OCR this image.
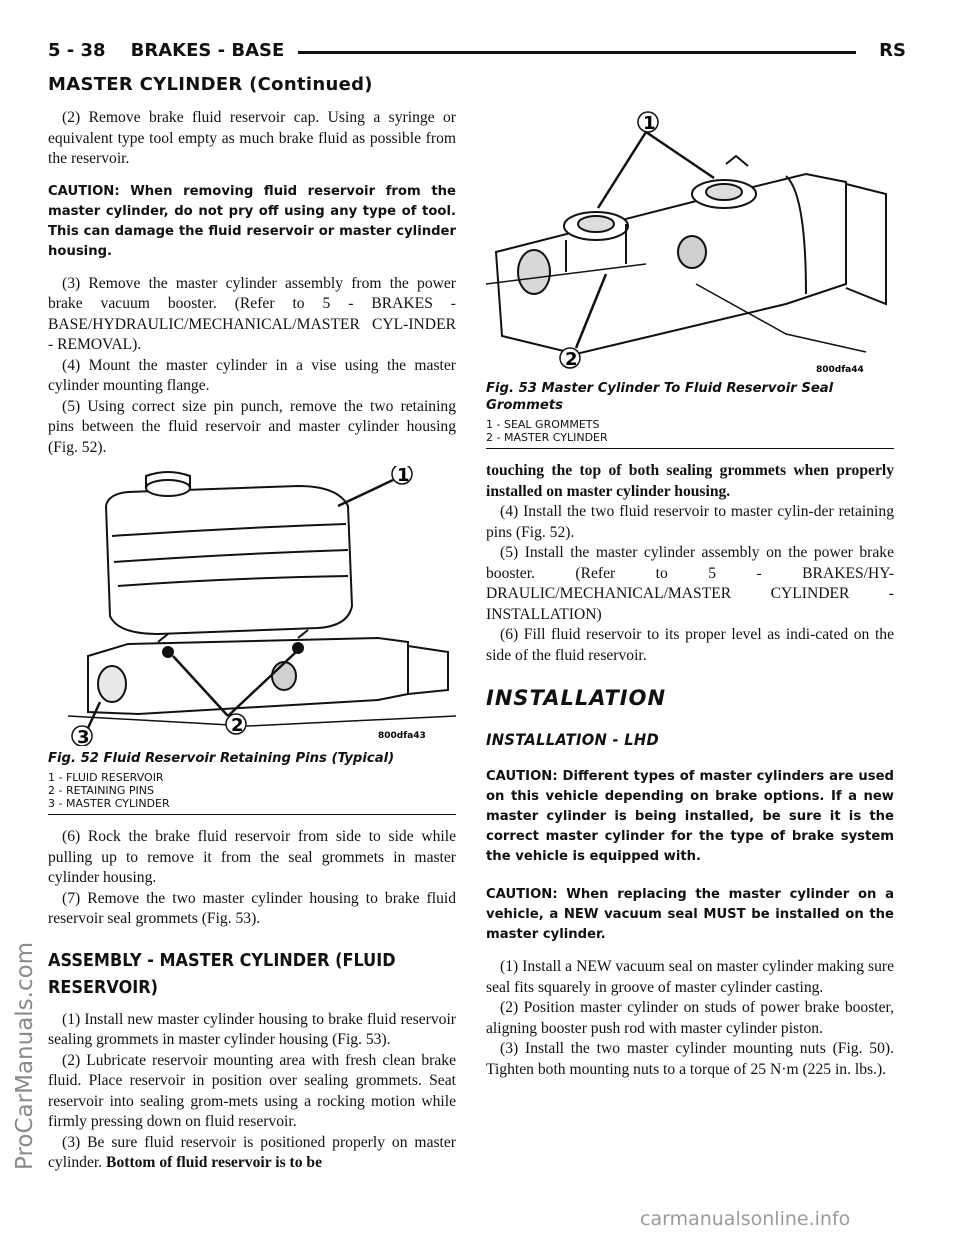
5 - 38    BRAKES - BASE	RS
MASTER CYLINDER (Continued)

(2) Remove brake fluid reservoir cap. Using a syringe or equivalent type tool empty as much brake fluid as possible from the reservoir.

CAUTION: When removing fluid reservoir from the master cylinder, do not pry off using any type of tool. This can damage the fluid reservoir or master cylinder housing.

(3) Remove the master cylinder assembly from the power brake vacuum booster. (Refer to 5 - BRAKES - BASE/HYDRAULIC/MECHANICAL/MASTER CYL-INDER - REMOVAL).

(4) Mount the master cylinder in a vise using the master cylinder mounting flange.

(5) Using correct size pin punch, remove the two retaining pins between the fluid reservoir and master cylinder housing (Fig. 52).

1
2
3	800dfa43
Fig. 52 Fluid Reservoir Retaining Pins (Typical)
1 - FLUID RESERVOIR
2 - RETAINING PINS
3 - MASTER CYLINDER

(6) Rock the brake fluid reservoir from side to side while pulling up to remove it from the seal grommets in master cylinder housing.

(7) Remove the two master cylinder housing to brake fluid reservoir seal grommets (Fig. 53).

ASSEMBLY - MASTER CYLINDER (FLUID RESERVOIR)

(1) Install new master cylinder housing to brake fluid reservoir sealing grommets in master cylinder housing (Fig. 53).

(2) Lubricate reservoir mounting area with fresh clean brake fluid. Place reservoir in position over sealing grommets. Seat reservoir into sealing grom-mets using a rocking motion while firmly pressing down on fluid reservoir.

(3) Be sure fluid reservoir is positioned properly on master cylinder. Bottom of fluid reservoir is to be

1
2	800dfa44
Fig. 53 Master Cylinder To Fluid Reservoir Seal Grommets
1 - SEAL GROMMETS
2 - MASTER CYLINDER

touching the top of both sealing grommets when properly installed on master cylinder housing.

(4) Install the two fluid reservoir to master cylin-der retaining pins (Fig. 52).

(5) Install the master cylinder assembly on the power brake booster. (Refer to 5 - BRAKES/HY-DRAULIC/MECHANICAL/MASTER CYLINDER - INSTALLATION)

(6) Fill fluid reservoir to its proper level as indi-cated on the side of the fluid reservoir.

INSTALLATION
INSTALLATION - LHD
CAUTION: Different types of master cylinders are used on this vehicle depending on brake options. If a new master cylinder is being installed, be sure it is the correct master cylinder for the type of brake system the vehicle is equipped with.
CAUTION: When replacing the master cylinder on a vehicle, a NEW vacuum seal MUST be installed on the master cylinder.

(1) Install a NEW vacuum seal on master cylinder making sure seal fits squarely in groove of master cylinder casting.

(2) Position master cylinder on studs of power brake booster, aligning booster push rod with master cylinder piston.

(3) Install the two master cylinder mounting nuts (Fig. 50). Tighten both mounting nuts to a torque of 25 N·m (225 in. lbs.).

ProCarManuals.com
carmanualsonline.info
